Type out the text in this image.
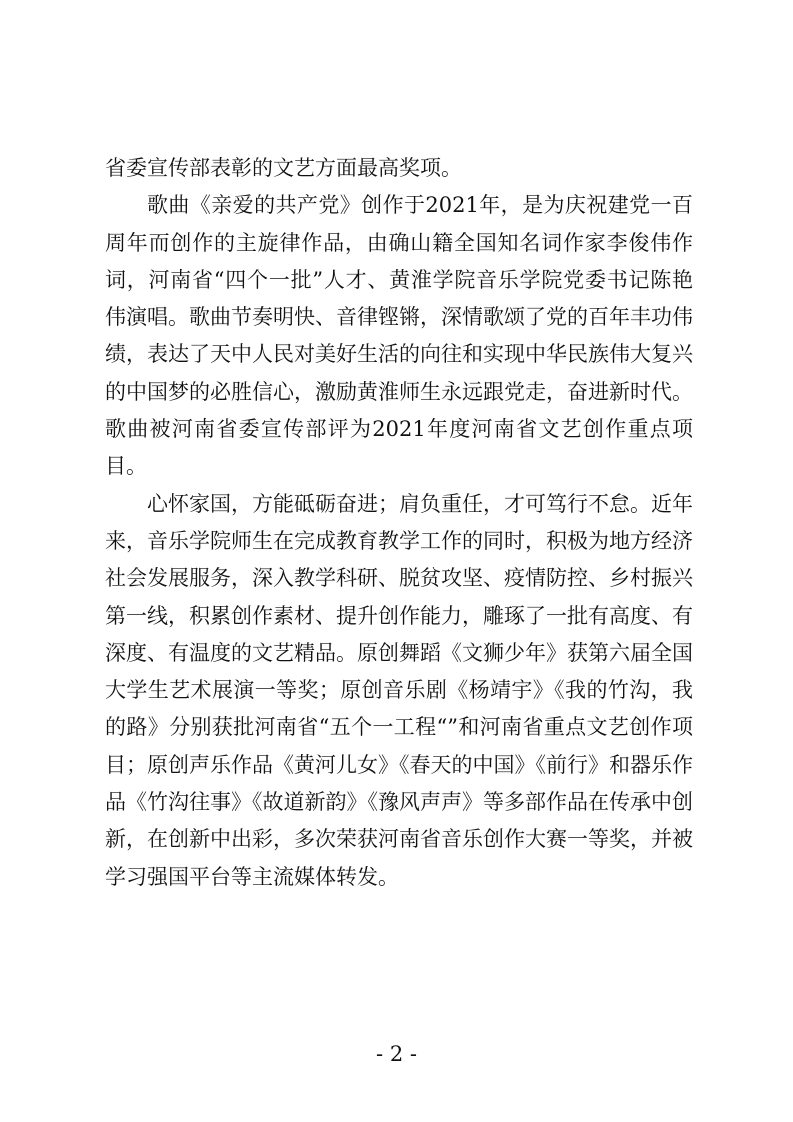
省委宣传部表彰的文艺方面最高奖项。

歌曲《亲爱的共产党》创作于2021年，是为庆祝建党一百周年而创作的主旋律作品，由确山籍全国知名词作家李俊伟作词，河南省“四个一批”人才、黄淮学院音乐学院党委书记陈艳伟演唱。歌曲节奏明快、音律铿锵，深情歌颂了党的百年丰功伟绩，表达了天中人民对美好生活的向往和实现中华民族伟大复兴的中国梦的必胜信心，激励黄淮师生永远跟党走，奋进新时代。歌曲被河南省委宣传部评为2021年度河南省文艺创作重点项目。

心怀家国，方能砥砺奋进；肩负重任，才可笃行不怠。近年来，音乐学院师生在完成教育教学工作的同时，积极为地方经济社会发展服务，深入教学科研、脱贫攻坚、疫情防控、乡村振兴第一线，积累创作素材、提升创作能力，雕琢了一批有高度、有深度、有温度的文艺精品。原创舞蹈《文狮少年》获第六届全国大学生艺术展演一等奖；原创音乐剧《杨靖宇》《我的竹沟，我的路》分别获批河南省“五个一工程“”和河南省重点文艺创作项目；原创声乐作品《黄河儿女》《春天的中国》《前行》和器乐作品《竹沟往事》《故道新韵》《豫风声声》等多部作品在传承中创新，在创新中出彩，多次荣获河南省音乐创作大赛一等奖，并被学习强国平台等主流媒体转发。

- 2 -
